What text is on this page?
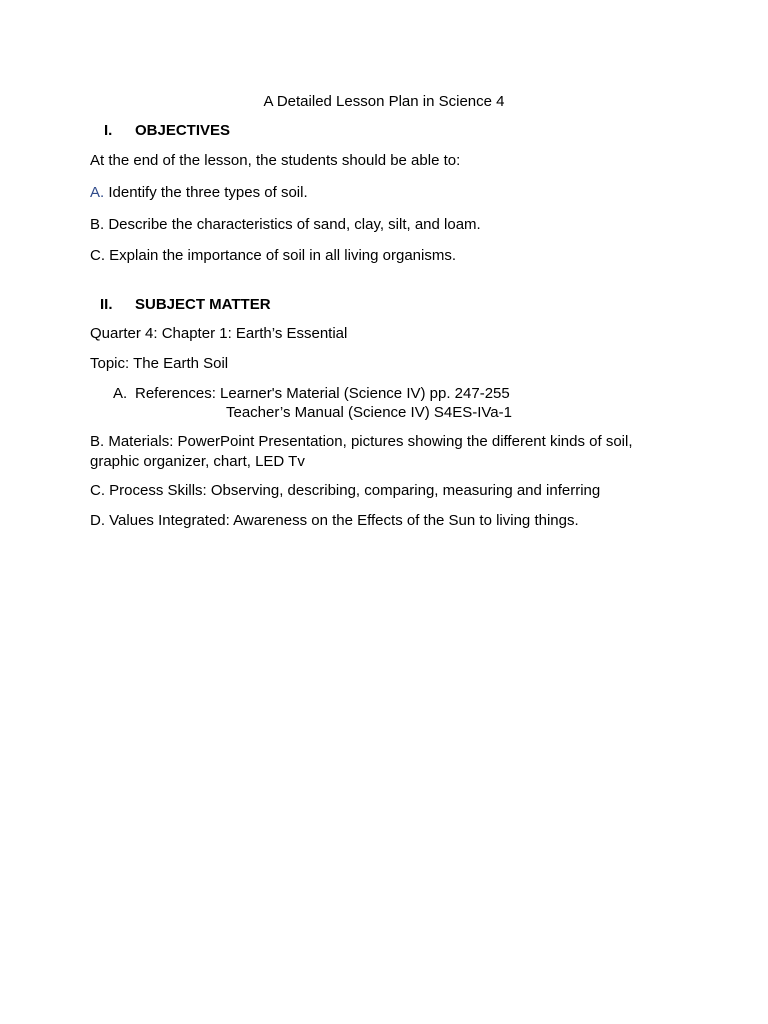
A Detailed Lesson Plan in Science 4
I. OBJECTIVES
At the end of the lesson, the students should be able to:
A. Identify the three types of soil.
B. Describe the characteristics of sand, clay, silt, and loam.
C. Explain the importance of soil in all living organisms.
II. SUBJECT MATTER
Quarter 4: Chapter 1: Earth’s Essential
Topic: The Earth Soil
A. References: Learner's Material (Science IV) pp. 247-255
Teacher’s Manual (Science IV) S4ES-IVa-1
B. Materials: PowerPoint Presentation, pictures showing the different kinds of soil,
graphic organizer, chart, LED Tv
C. Process Skills: Observing, describing, comparing, measuring and inferring
D. Values Integrated: Awareness on the Effects of the Sun to living things.
